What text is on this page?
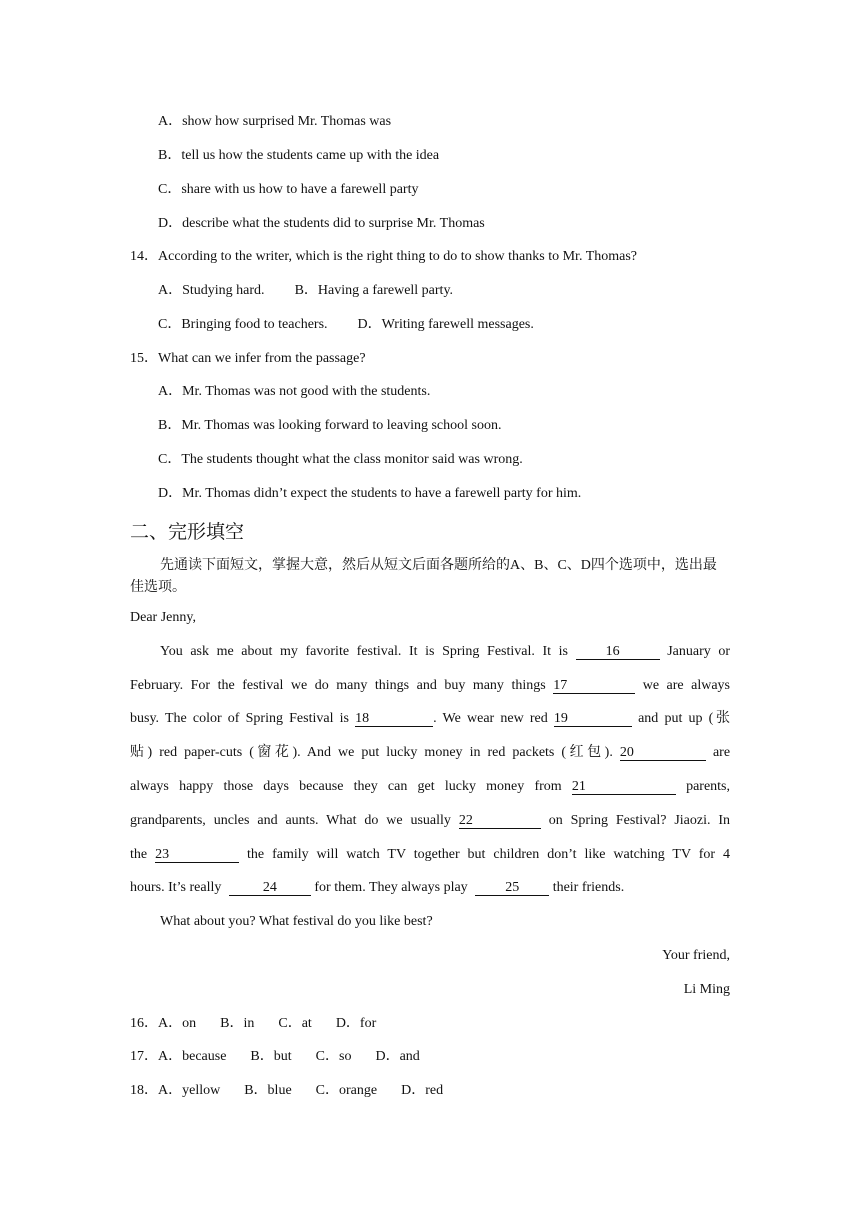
A．show how surprised Mr. Thomas was
B．tell us how the students came up with the idea
C．share with us how to have a farewell party
D．describe what the students did to surprise Mr. Thomas
14．According to the writer, which is the right thing to do to show thanks to Mr. Thomas?
A．Studying hard. B．Having a farewell party.
C．Bringing food to teachers. D．Writing farewell messages.
15．What can we infer from the passage?
A．Mr. Thomas was not good with the students.
B．Mr. Thomas was looking forward to leaving school soon.
C．The students thought what the class monitor said was wrong.
D．Mr. Thomas didn’t expect the students to have a farewell party for him.
二、完形填空
先通读下面短文，掌握大意，然后从短文后面各题所给的A、B、C、D四个选项中，选出最佳选项。
Dear Jenny,
You ask me about my favorite festival. It is Spring Festival. It is	16	January or
February. For the festival we do many things and buy many things 17	we are always
busy. The color of Spring Festival is 18	. We wear new red 19	and put up (张
贴) red paper-cuts (窗花). And we put lucky money in red packets (红包). 20	are
always happy those days because they can get lucky money from 21	parents,
grandparents, uncles and aunts. What do we usually 22	on Spring Festival? Jiaozi. In
the 23	the family will watch TV together but children don’t like watching TV for 4
hours. It’s really	24	for them. They always play	25 their friends.
What about you? What festival do you like best?
Your friend,
Li Ming
16．A．on B．in C．at D．for
17．A．because B．but C．so D．and
18．A．yellow B．blue C．orange D．red
